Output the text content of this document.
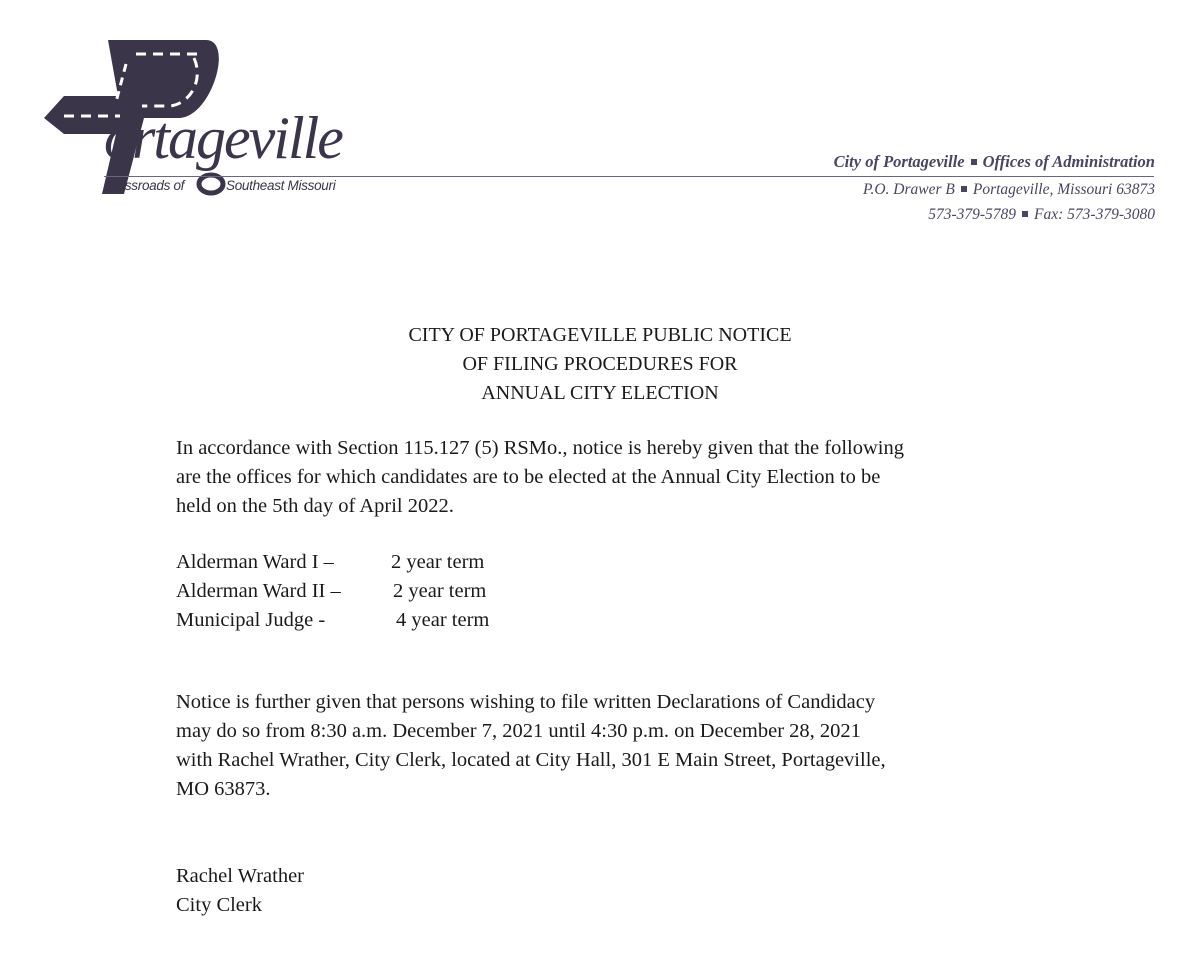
ortageville
Crossroads of	Southeast Missouri
City of Portageville Offices of Administration
P.O. Drawer B Portageville, Missouri 63873
573-379-5789 Fax: 573-379-3080
CITY OF PORTAGEVILLE PUBLIC NOTICE
OF FILING PROCEDURES FOR
ANNUAL CITY ELECTION
In accordance with Section 115.127 (5) RSMo., notice is hereby given that the following
are the offices for which candidates are to be elected at the Annual City Election to be
held on the 5th day of April 2022.
Alderman Ward I –	2 year term
Alderman Ward II –	2 year term
Municipal Judge -	4 year term
Notice is further given that persons wishing to file written Declarations of Candidacy
may do so from 8:30 a.m. December 7, 2021 until 4:30 p.m. on December 28, 2021
with Rachel Wrather, City Clerk, located at City Hall, 301 E Main Street, Portageville,
MO 63873.
Rachel Wrather
City Clerk
